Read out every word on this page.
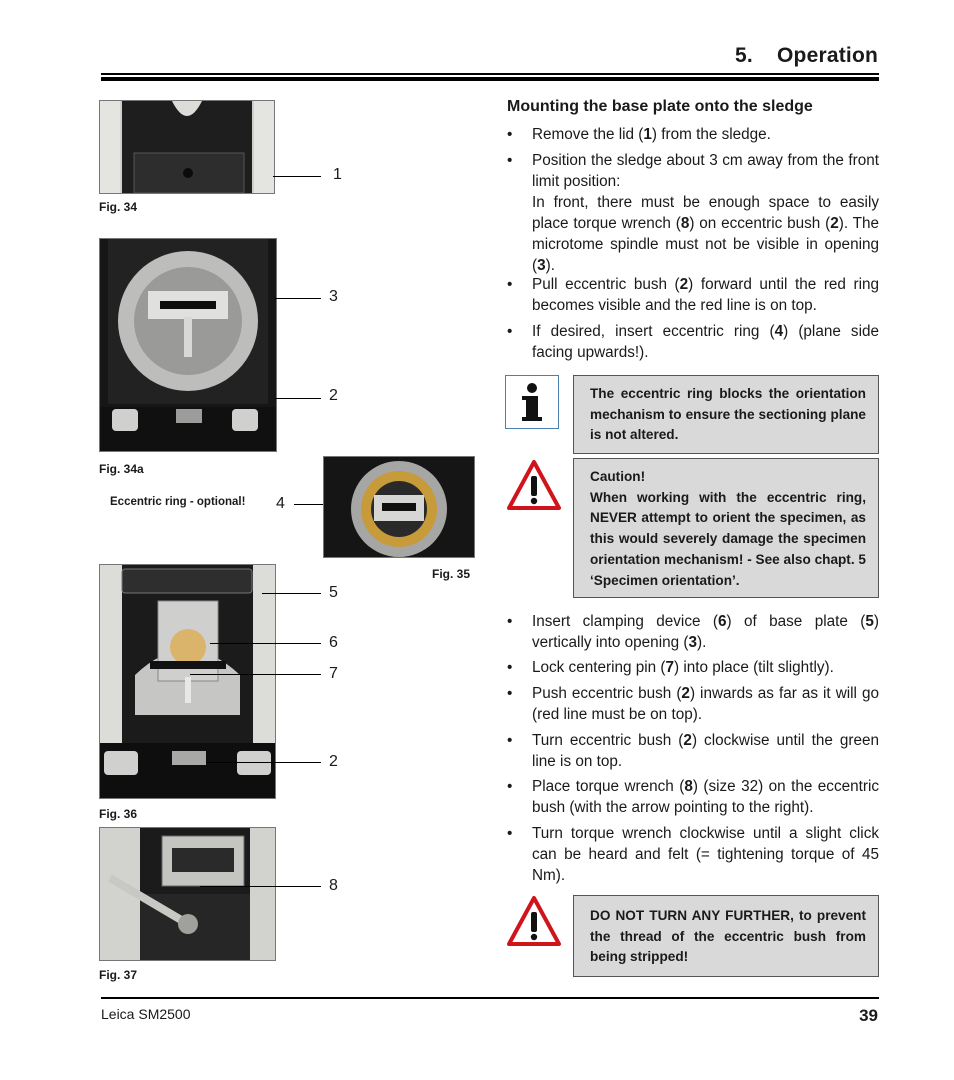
5.    Operation
1
Fig. 34
3
2
Fig. 34a
Eccentric ring - optional! 4
Fig. 35
5
6
7
2
Fig. 36
8
Fig. 37
Mounting the base plate onto the sledge
• Remove the lid (1) from the sledge.
• Position the sledge about 3 cm away from the front limit position:
In front, there must be enough space to easily place torque wrench (8) on eccentric bush (2). The microtome spindle must not be visible in opening (3).
• Pull eccentric bush (2) forward until the red ring becomes visible and the red line is on top.
• If desired, insert eccentric ring (4) (plane side facing upwards!).

The eccentric ring blocks the orientation mechanism to ensure the sectioning plane is not altered.

Caution!

When working with the eccentric ring, NEVER attempt to orient the specimen, as this would severely damage the specimen orientation mechanism! - See also chapt. 5 ‘Specimen orientation’.

• Insert clamping device (6) of base plate (5) vertically into opening (3).
• Lock centering pin (7) into place (tilt slightly).
• Push eccentric bush (2) inwards as far as it will go (red line must be on top).
• Turn eccentric bush (2) clockwise until the green line is on top.
• Place torque wrench (8) (size 32) on the eccentric bush (with the arrow pointing to the right).
• Turn torque wrench clockwise until a slight click can be heard and felt (= tightening torque of 45 Nm).

DO NOT TURN ANY FURTHER, to prevent the thread of the eccentric bush from being stripped!

Leica SM2500	39
